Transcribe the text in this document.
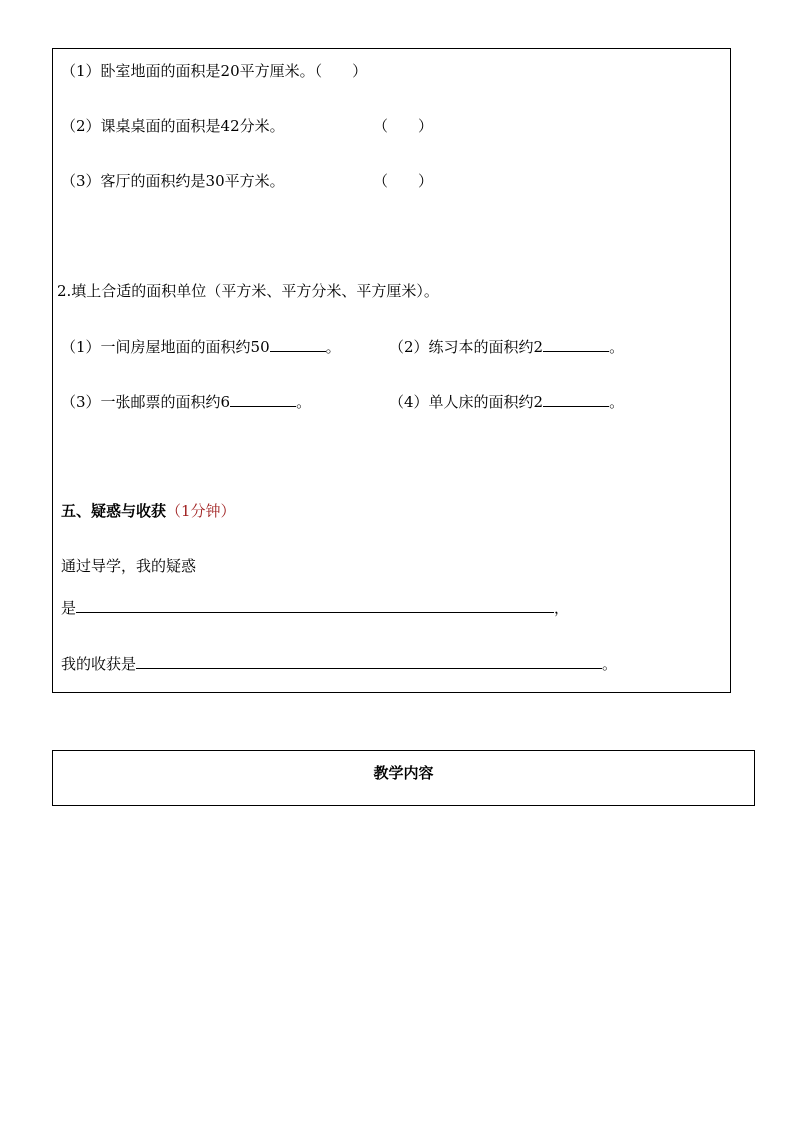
（1）卧室地面的面积是20平方厘米。（　　）
（2）课桌桌面的面积是42分米。	（　　）
（3）客厅的面积约是30平方米。	（　　）
2.填上合适的面积单位（平方米、平方分米、平方厘米）。
（1）一间房屋地面的面积约50	。	（2）练习本的面积约2	。
（3）一张邮票的面积约6	。	（4）单人床的面积约2	。
五、疑惑与收获（1分钟）
通过导学，我的疑惑
是	，
我的收获是	。
教学内容
